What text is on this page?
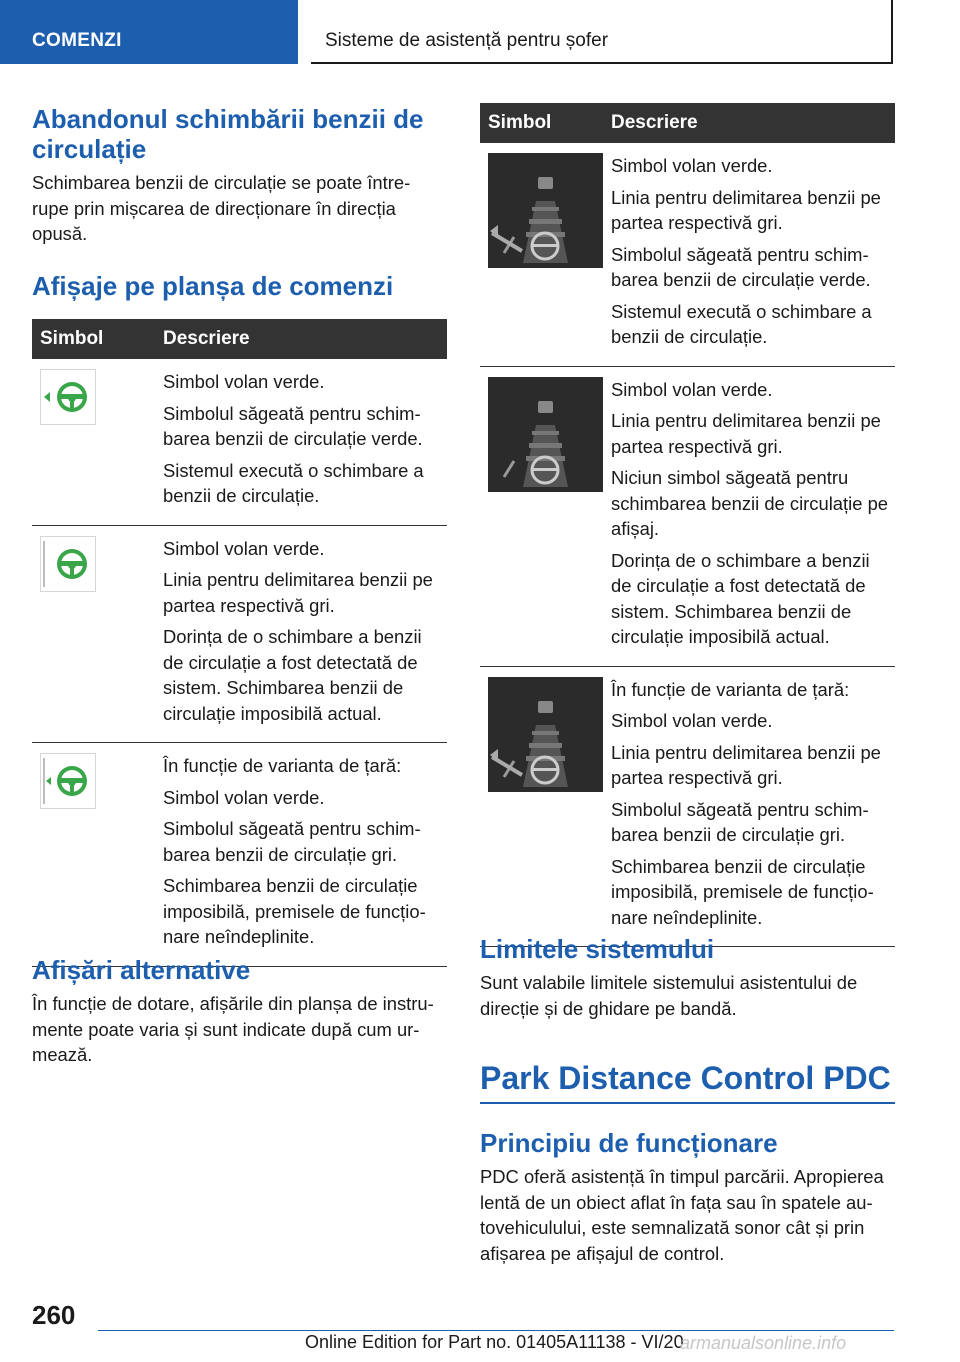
COMENZI	Sisteme de asistență pentru șofer
Abandonul schimbării benzii de circulație

Schimbarea benzii de circulație se poate între-rupe prin mișcarea de direcționare în direcția opusă.

Afișaje pe planșa de comenzi
Simbol	Descriere

Simbol volan verde.

Simbolul săgeată pentru schim-barea benzii de circulație verde.

Sistemul execută o schimbare a benzii de circulație.

Simbol volan verde.

Linia pentru delimitarea benzii pe partea respectivă gri.

Dorința de o schimbare a benzii de circulație a fost detectată de sistem. Schimbarea benzii de circulație imposibilă actual.

În funcție de varianta de țară:

Simbol volan verde.

Simbolul săgeată pentru schim-barea benzii de circulație gri.

Schimbarea benzii de circulație imposibilă, premisele de funcțio-nare neîndeplinite.

Afișări alternative

În funcție de dotare, afișările din planșa de instru-mente poate varia și sunt indicate după cum ur-mează.

Simbol	Descriere

Simbol volan verde.

Linia pentru delimitarea benzii pe partea respectivă gri.

Simbolul săgeată pentru schim-barea benzii de circulație verde.

Sistemul execută o schimbare a benzii de circulație.

Simbol volan verde.

Linia pentru delimitarea benzii pe partea respectivă gri.

Niciun simbol săgeată pentru schimbarea benzii de circulație pe afișaj.

Dorința de o schimbare a benzii de circulație a fost detectată de sistem. Schimbarea benzii de circulație imposibilă actual.

În funcție de varianta de țară:

Simbol volan verde.

Linia pentru delimitarea benzii pe partea respectivă gri.

Simbolul săgeată pentru schim-barea benzii de circulație gri.

Schimbarea benzii de circulație imposibilă, premisele de funcțio-nare neîndeplinite.

Limitele sistemului

Sunt valabile limitele sistemului asistentului de direcție și de ghidare pe bandă.

Park Distance Control PDC
Principiu de funcționare

PDC oferă asistență în timpul parcării. Apropierea lentă de un obiect aflat în fața sau în spatele au-tovehiculului, este semnalizată sonor cât și prin afișarea pe afișajul de control.

260
Online Edition for Part no. 01405A11138 - VI/20
armanualsonline.info
